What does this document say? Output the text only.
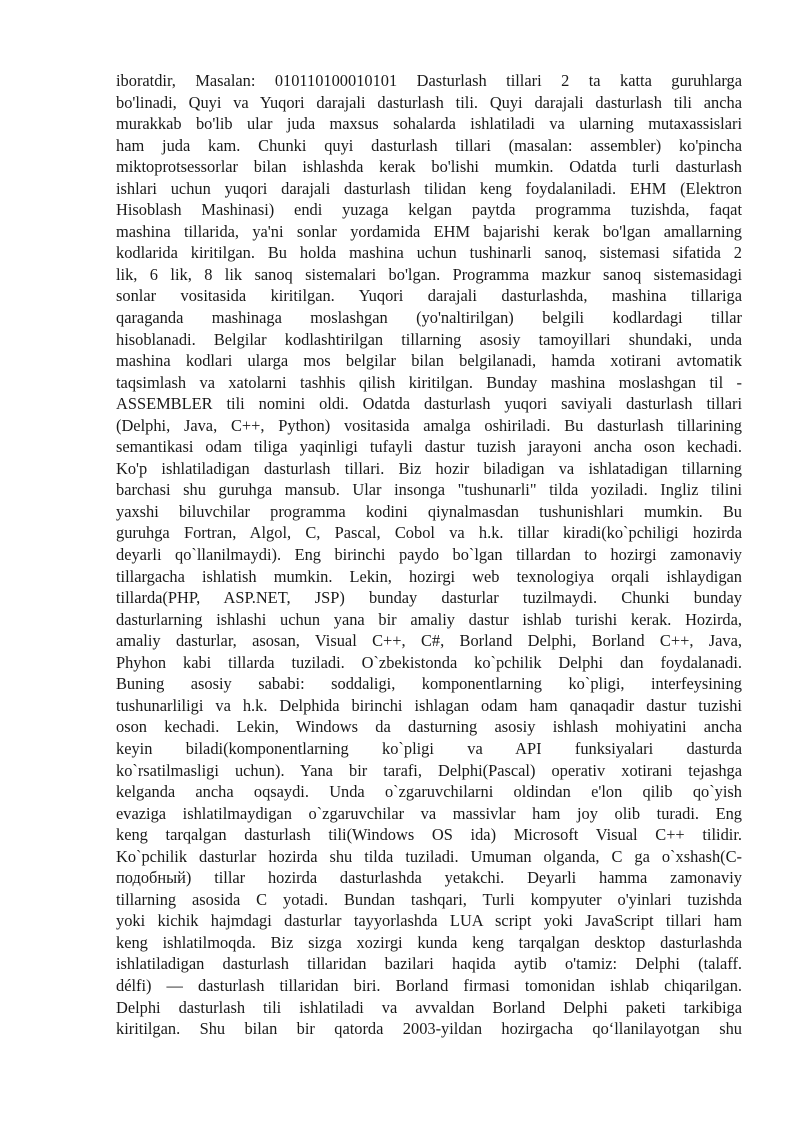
iboratdir, Masalan: 010110100010101 Dasturlash tillari 2 ta katta guruhlarga
bo'linadi, Quyi va Yuqori darajali dasturlash tili. Quyi darajali dasturlash tili ancha
murakkab bo'lib ular juda maxsus sohalarda ishlatiladi va ularning mutaxassislari
ham juda kam. Chunki quyi dasturlash tillari (masalan: assembler) ko'pincha
miktoprotsessorlar bilan ishlashda kerak bo'lishi mumkin. Odatda turli dasturlash
ishlari uchun yuqori darajali dasturlash tilidan keng foydalaniladi. EHM (Elektron
Hisoblash Mashinasi) endi yuzaga kelgan paytda programma tuzishda, faqat
mashina tillarida, ya'ni sonlar yordamida EHM bajarishi kerak bo'lgan amallarning
kodlarida kiritilgan. Bu holda mashina uchun tushinarli sanoq, sistemasi sifatida 2
lik, 6 lik, 8 lik sanoq sistemalari bo'lgan. Programma mazkur sanoq sistemasidagi
sonlar vositasida kiritilgan. Yuqori darajali dasturlashda, mashina tillariga
qaraganda mashinaga moslashgan (yo'naltirilgan) belgili kodlardagi tillar
hisoblanadi. Belgilar kodlashtirilgan tillarning asosiy tamoyillari shundaki, unda
mashina kodlari ularga mos belgilar bilan belgilanadi, hamda xotirani avtomatik
taqsimlash va xatolarni tashhis qilish kiritilgan. Bunday mashina moslashgan til -
ASSEMBLER tili nomini oldi. Odatda dasturlash yuqori saviyali dasturlash tillari
(Delphi, Java, C++, Python) vositasida amalga oshiriladi. Bu dasturlash tillarining
semantikasi odam tiliga yaqinligi tufayli dastur tuzish jarayoni ancha oson kechadi.
Ko'p ishlatiladigan dasturlash tillari. Biz hozir biladigan va ishlatadigan tillarning
barchasi shu guruhga mansub. Ular insonga "tushunarli" tilda yoziladi. Ingliz tilini
yaxshi biluvchilar programma kodini qiynalmasdan tushunishlari mumkin. Bu
guruhga Fortran, Algol, C, Pascal, Cobol va h.k. tillar kiradi(ko`pchiligi hozirda
deyarli qo`llanilmaydi). Eng birinchi paydo bo`lgan tillardan to hozirgi zamonaviy
tillargacha ishlatish mumkin. Lekin, hozirgi web texnologiya orqali ishlaydigan
tillarda(PHP, ASP.NET, JSP) bunday dasturlar tuzilmaydi. Chunki bunday
dasturlarning ishlashi uchun yana bir amaliy dastur ishlab turishi kerak. Hozirda,
amaliy dasturlar, asosan, Visual C++, C#, Borland Delphi, Borland C++, Java,
Phyhon kabi tillarda tuziladi. O`zbekistonda ko`pchilik Delphi dan foydalanadi.
Buning asosiy sababi: soddaligi, komponentlarning ko`pligi, interfeysining
tushunarliligi va h.k. Delphida birinchi ishlagan odam ham qanaqadir dastur tuzishi
oson kechadi. Lekin, Windows da dasturning asosiy ishlash mohiyatini ancha
keyin biladi(komponentlarning ko`pligi va API funksiyalari dasturda
ko`rsatilmasligi uchun). Yana bir tarafi, Delphi(Pascal) operativ xotirani tejashga
kelganda ancha oqsaydi. Unda o`zgaruvchilarni oldindan e'lon qilib qo`yish
evaziga ishlatilmaydigan o`zgaruvchilar va massivlar ham joy olib turadi. Eng
keng tarqalgan dasturlash tili(Windows OS ida) Microsoft Visual C++ tilidir.
Ko`pchilik dasturlar hozirda shu tilda tuziladi. Umuman olganda, C ga o`xshash(C-
подобный) tillar hozirda dasturlashda yetakchi. Deyarli hamma zamonaviy
tillarning asosida C yotadi. Bundan tashqari, Turli kompyuter o'yinlari tuzishda
yoki kichik hajmdagi dasturlar tayyorlashda LUA script yoki JavaScript tillari ham
keng ishlatilmoqda. Biz sizga xozirgi kunda keng tarqalgan desktop dasturlashda
ishlatiladigan dasturlash tillaridan bazilari haqida aytib o'tamiz: Delphi (talaff.
délfi) — dasturlash tillaridan biri. Borland firmasi tomonidan ishlab chiqarilgan.
Delphi dasturlash tili ishlatiladi va avvaldan Borland Delphi paketi tarkibiga
kiritilgan. Shu bilan bir qatorda 2003-yildan hozirgacha qo‘llanilayotgan shu
